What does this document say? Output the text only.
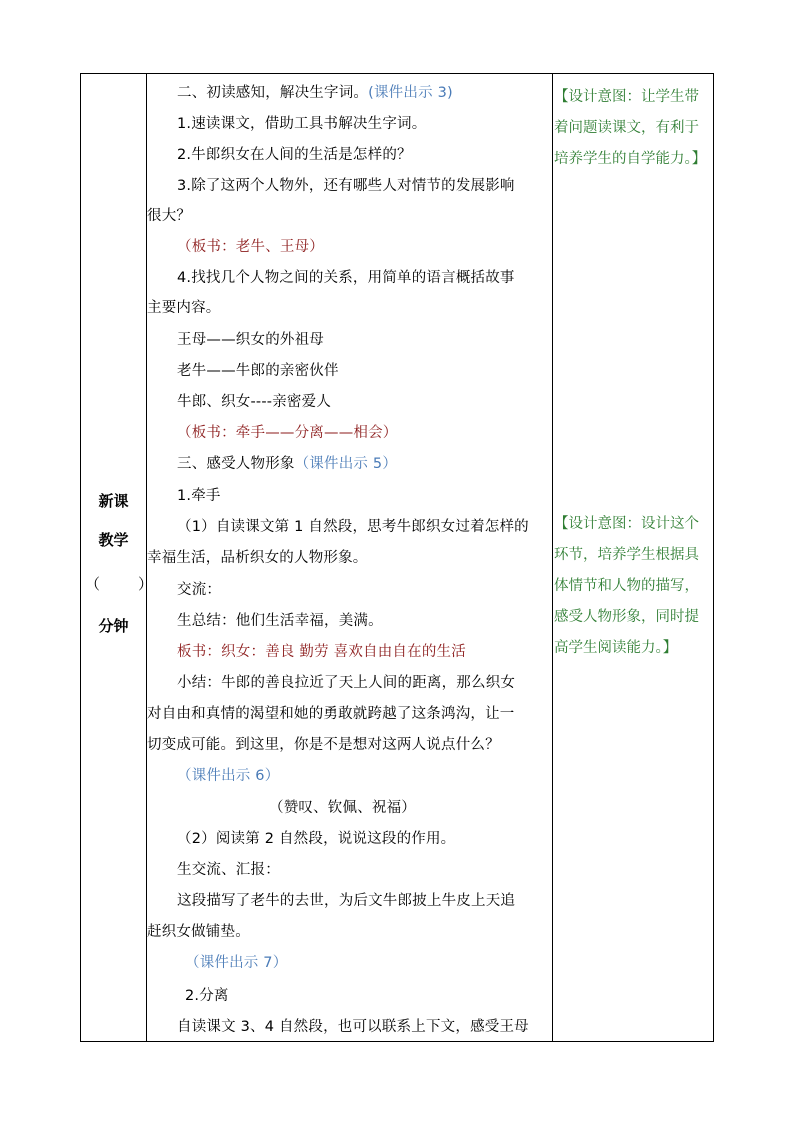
新课
教学
（	）
分钟
二、初读感知，解决生字词。(课件出示 3)
1.速读课文，借助工具书解决生字词。
2.牛郎织女在人间的生活是怎样的？
3.除了这两个人物外，还有哪些人对情节的发展影响
很大？
（板书：老牛、王母）
4.找找几个人物之间的关系，用简单的语言概括故事
主要内容。
王母——织女的外祖母
老牛——牛郎的亲密伙伴
牛郎、织女----亲密爱人
（板书：牵手——分离——相会）
三、感受人物形象（课件出示 5）
1.牵手
（1）自读课文第 1 自然段，思考牛郎织女过着怎样的
幸福生活，品析织女的人物形象。
交流：
生总结：他们生活幸福，美满。
板书：织女：善良 勤劳 喜欢自由自在的生活
小结：牛郎的善良拉近了天上人间的距离，那么织女
对自由和真情的渴望和她的勇敢就跨越了这条鸿沟，让一
切变成可能。到这里，你是不是想对这两人说点什么？
（课件出示 6）
（赞叹、钦佩、祝福）
（2）阅读第 2 自然段，说说这段的作用。
生交流、汇报：
这段描写了老牛的去世，为后文牛郎披上牛皮上天追
赶织女做铺垫。
（课件出示 7）
2.分离
自读课文 3、4 自然段，也可以联系上下文，感受王母
【设计意图：让学生带
着问题读课文，有利于
培养学生的自学能力。】
【设计意图：设计这个
环节，培养学生根据具
体情节和人物的描写，
感受人物形象，同时提
高学生阅读能力。】
